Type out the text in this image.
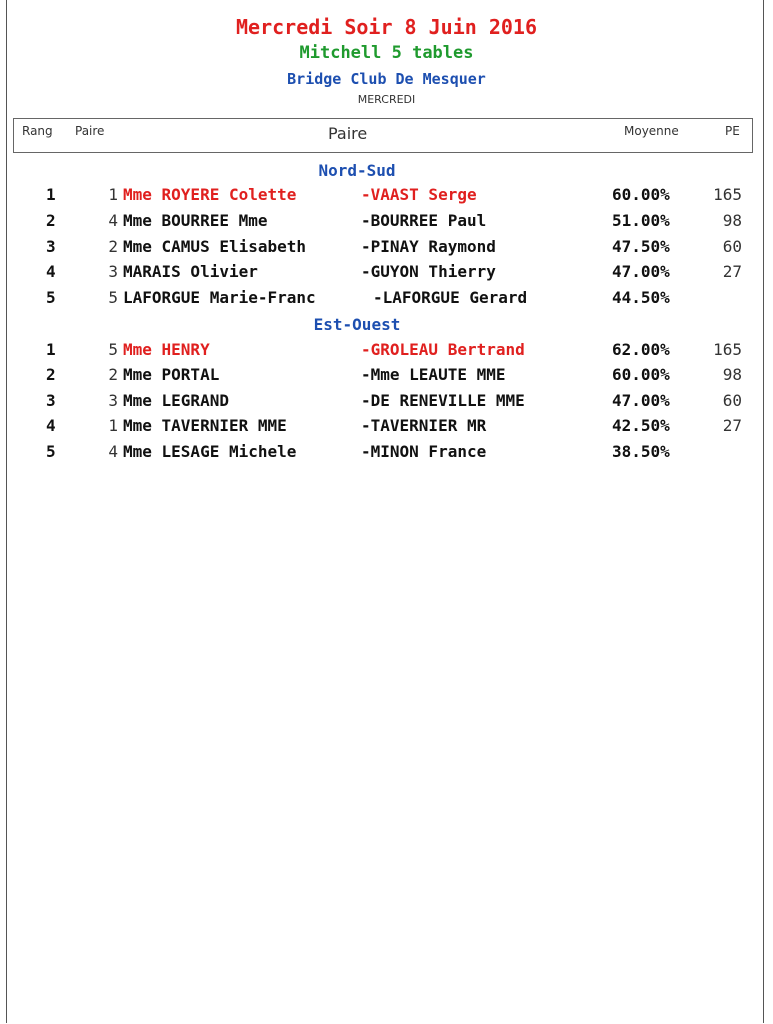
Mercredi Soir 8 Juin 2016
Mitchell 5 tables
Bridge Club De Mesquer
MERCREDI
Rang Paire	Paire	Moyenne	PE
Nord-Sud
1	1 Mme ROYERE Colette	-VAAST Serge	60.00%	165
2	4 Mme BOURREE Mme	-BOURREE Paul	51.00%	98
3	2 Mme CAMUS Elisabeth	-PINAY Raymond	47.50%	60
4	3 MARAIS Olivier	-GUYON Thierry	47.00%	27
5	5 LAFORGUE Marie-Franc	-LAFORGUE Gerard	44.50%
Est-Ouest
1	5 Mme HENRY	-GROLEAU Bertrand	62.00%	165
2	2 Mme PORTAL	-Mme LEAUTE MME	60.00%	98
3	3 Mme LEGRAND	-DE RENEVILLE MME	47.00%	60
4	1 Mme TAVERNIER MME	-TAVERNIER MR	42.50%	27
5	4 Mme LESAGE Michele	-MINON France	38.50%
